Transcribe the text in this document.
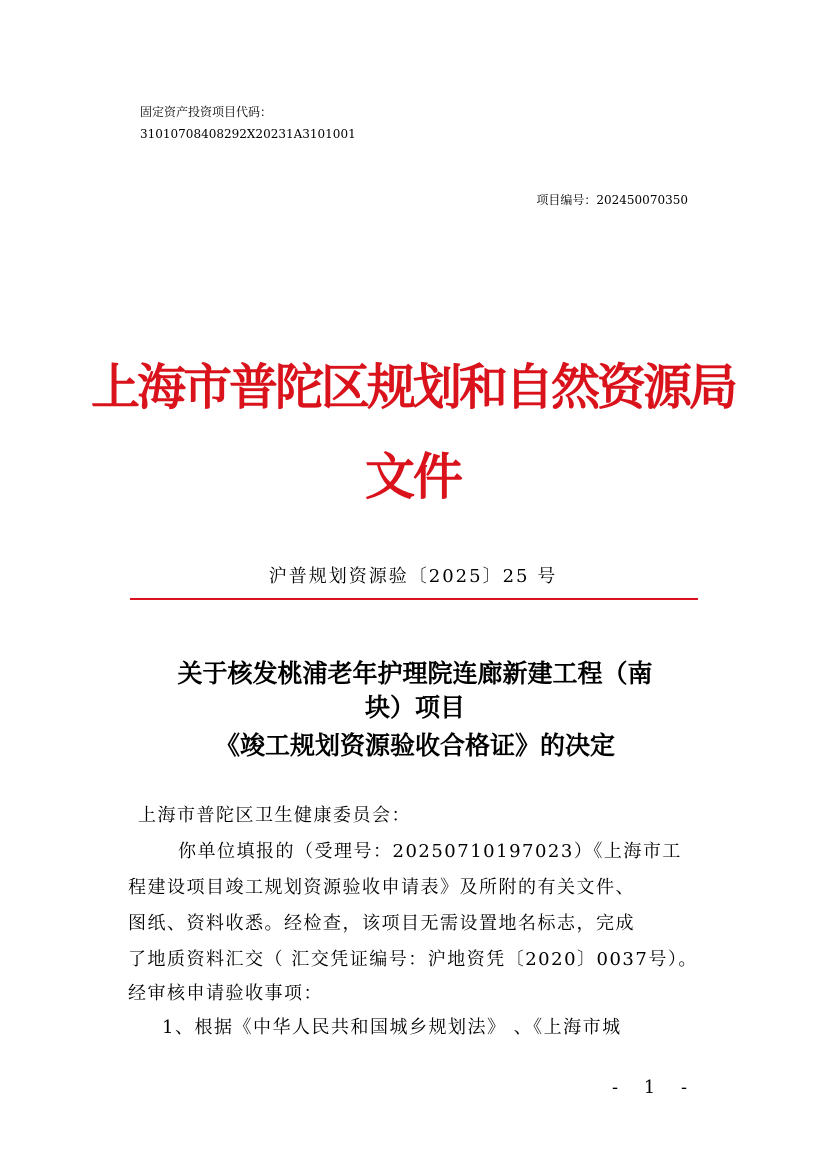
固定资产投资项目代码：
31010708408292X20231A3101001
项目编号：202450070350
上海市普陀区规划和自然资源局
文件
沪普规划资源验〔2025〕25 号
关于核发桃浦老年护理院连廊新建工程（南
块）项目
《竣工规划资源验收合格证》的决定
上海市普陀区卫生健康委员会：
你单位填报的（受理号：20250710197023）《上海市工
程建设项目竣工规划资源验收申请表》及所附的有关文件、
图纸、资料收悉。经检查，该项目无需设置地名标志，完成
了地质资料汇交（ 汇交凭证编号：沪地资凭〔2020〕0037号）。
经审核申请验收事项：
1、根据《中华人民共和国城乡规划法》 、《上海市城
- 1 -
